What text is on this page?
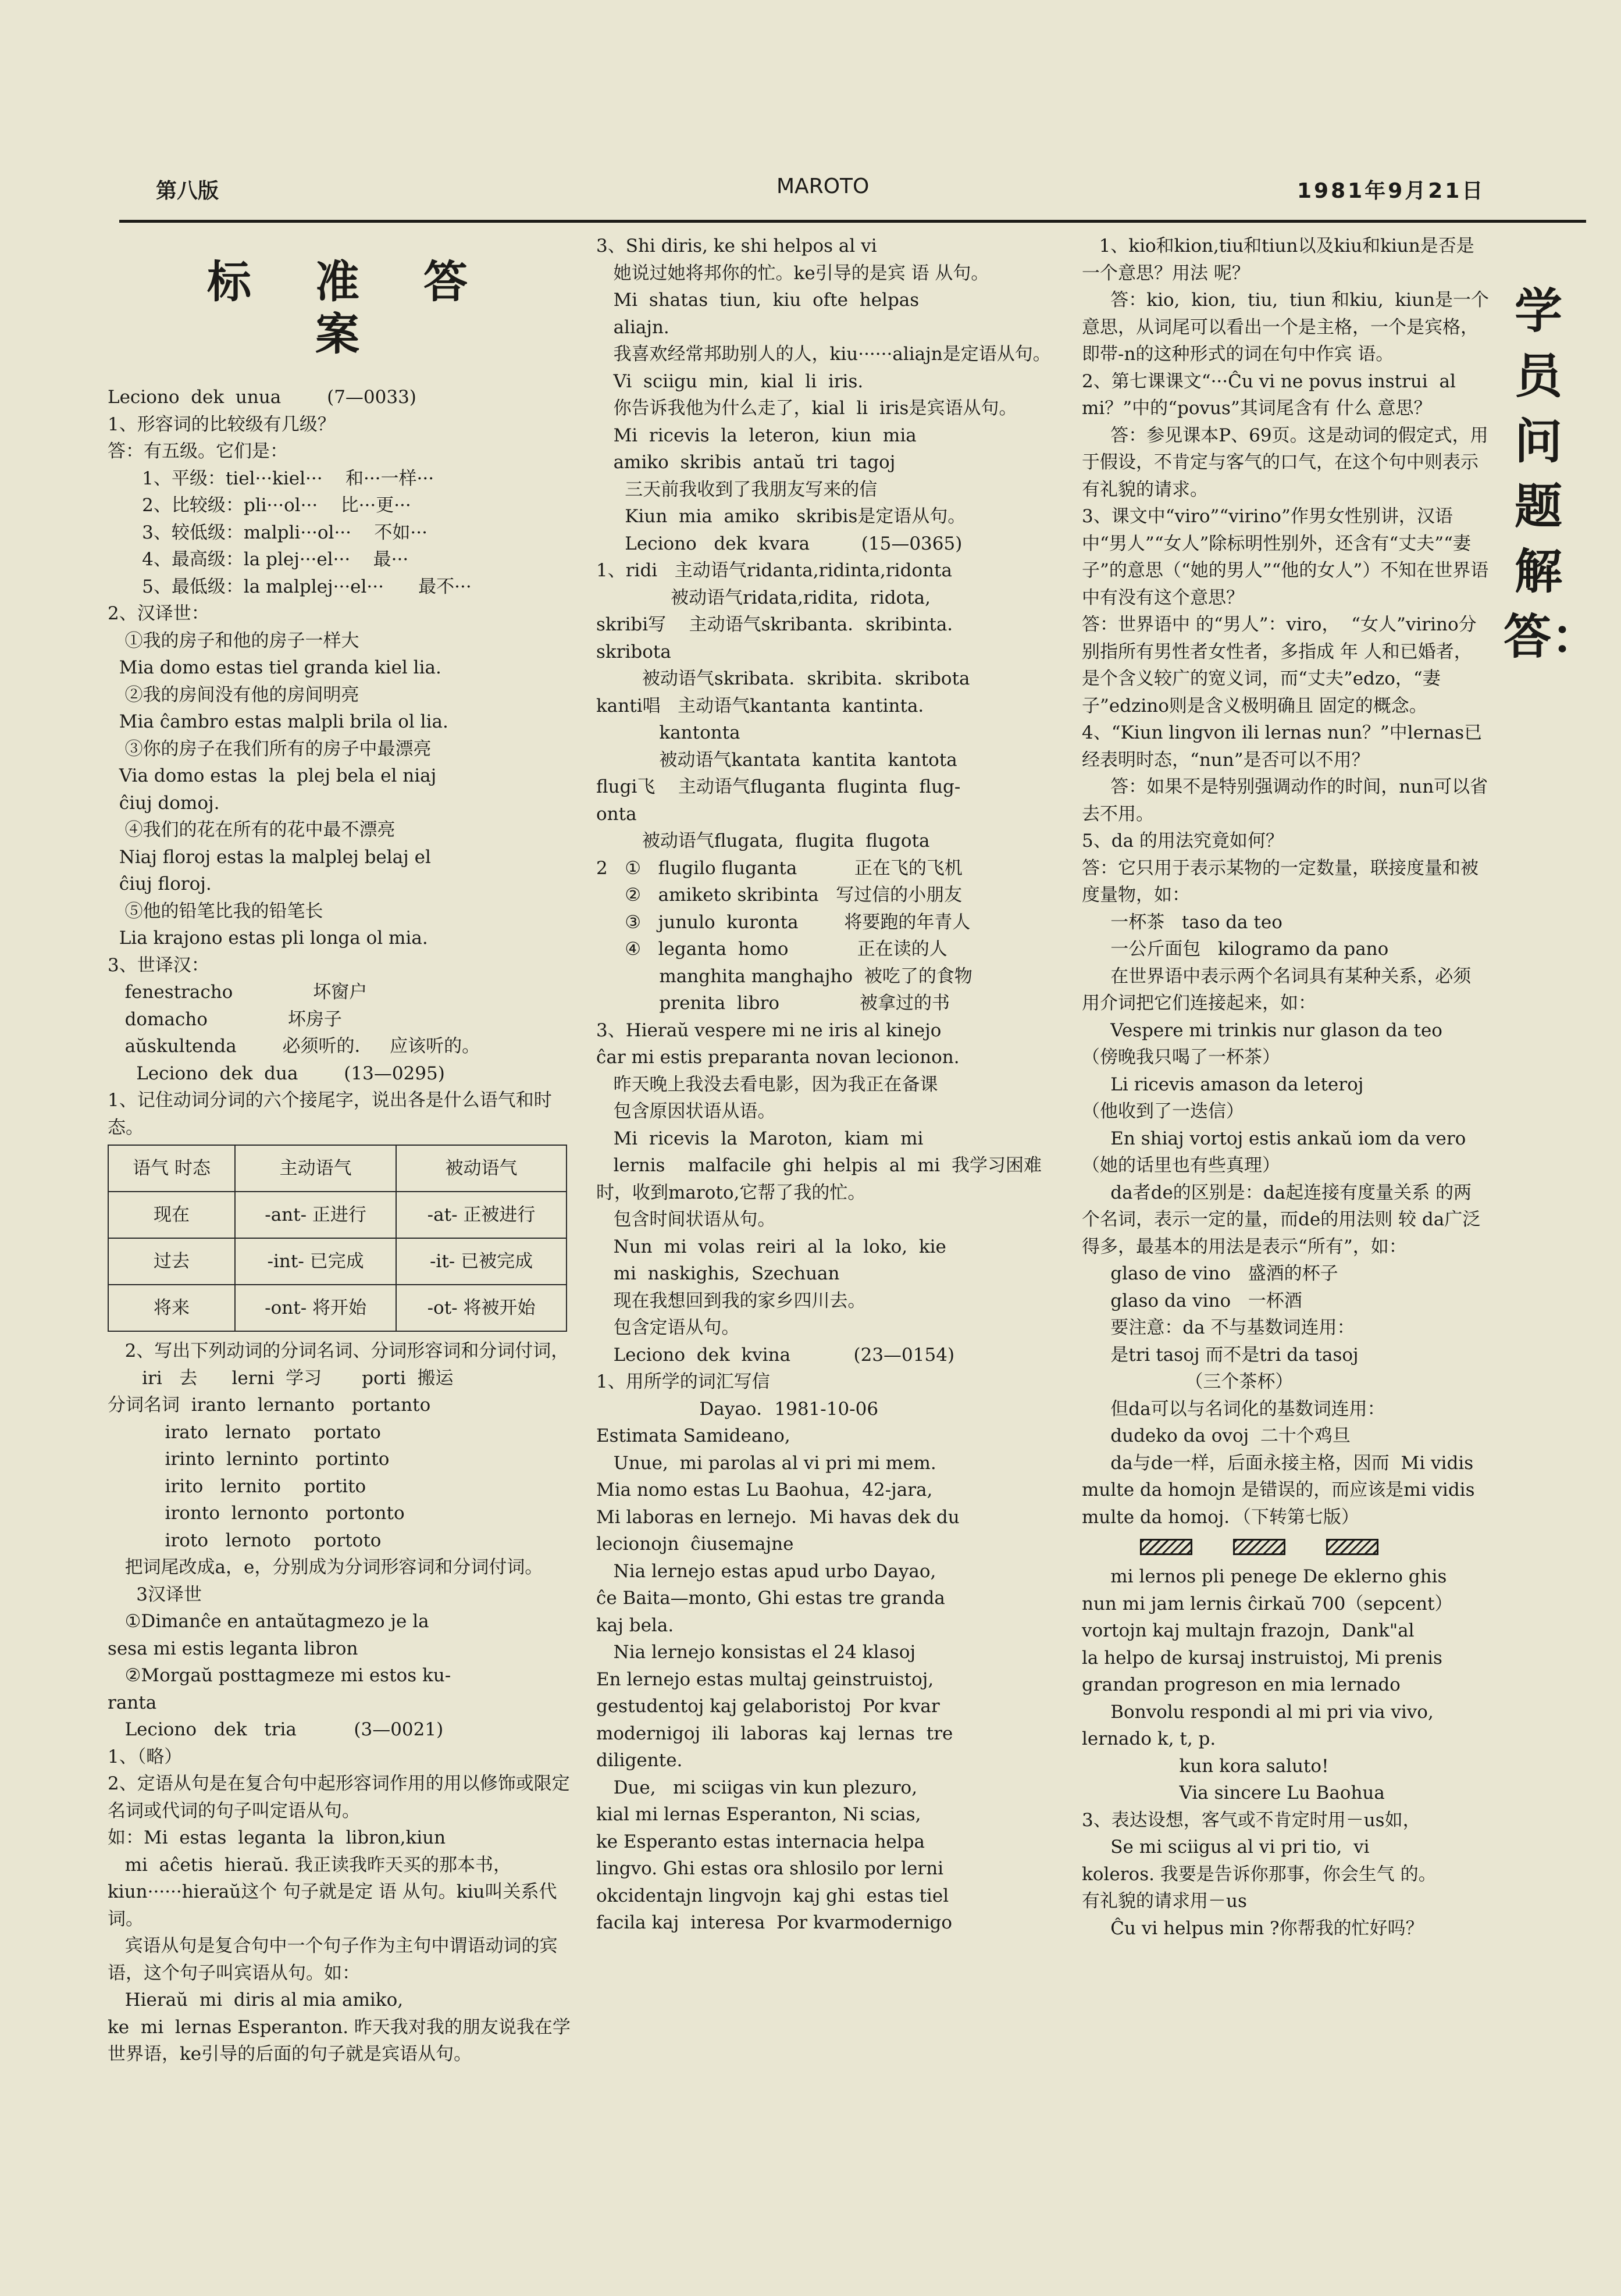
第八版	MAROTO	1981年9月21日

标准答案

Leciono  dek  unua        (7—0033)

1、形容词的比较级有几级？

答：有五级。它们是：

1、平级：tiel···kiel···    和···一样···

2、比较级：pli···ol···    比···更···

3、较低级：malpli···ol···    不如···

4、最高级：la plej···el···    最···

5、最低级：la malplej···el···      最不···

2、汉译世：

①我的房子和他的房子一样大

Mia domo estas tiel granda kiel lia.

②我的房间没有他的房间明亮

Mia ĉambro estas malpli brila ol lia.

③你的房子在我们所有的房子中最漂亮

Via domo estas  la  plej bela el niaj

ĉiuj domoj.

④我们的花在所有的花中最不漂亮

Niaj floroj estas la malplej belaj el

ĉiuj floroj.

⑤他的铅笔比我的铅笔长

Lia krajono estas pli longa ol mia.

3、世译汉：

fenestracho              坏窗户

domacho              坏房子

aŭskultenda        必须听的．   应该听的。

Leciono  dek  dua        (13—0295)

1、记住动词分词的六个接尾字，说出各是什么语气和时态。

语气 时态	主动语气	被动语气
现在	-ant- 正进行	-at- 正被进行
过去	-int- 已完成	-it- 已被完成
将来	-ont- 将开始	-ot- 将被开始

2、写出下列动词的分词名词、分词形容词和分词付词，

iri   去      lerni  学习       porti  搬运

分词名词  iranto  lernanto   portanto

irato   lernato    portato

irinto  lerninto   portinto

irito   lernito    portito

ironto  lernonto   portonto

iroto   lernoto    portoto

把词尾改成a，e，分别成为分词形容词和分词付词。

3汉译世

①Dimanĉe en antaŭtagmezo je la

sesa mi estis leganta libron

②Morgaŭ posttagmeze mi estos ku-

ranta

Leciono   dek   tria          (3—0021)

1、（略）

2、定语从句是在复合句中起形容词作用的用以修饰或限定名词或代词的句子叫定语从句。

如：Mi  estas  leganta  la  libron,kiun

mi  aĉetis  hieraŭ. 我正读我昨天买的那本书，kiun······hieraŭ这个 句子就是定 语 从句。kiu叫关系代词。

宾语从句是复合句中一个句子作为主句中谓语动词的宾语，这个句子叫宾语从句。如：

Hieraŭ  mi  diris al mia amiko,

ke  mi  lernas Esperanton. 昨天我对我的朋友说我在学世界语，ke引导的后面的句子就是宾语从句。

3、Shi diris, ke shi helpos al vi

她说过她将邦你的忙。ke引导的是宾 语 从句。

Mi  shatas  tiun,  kiu  ofte  helpas

aliajn.

我喜欢经常邦助别人的人，kiu······aliajn是定语从句。

Vi  sciigu  min,  kial  li  iris.

你告诉我他为什么走了，kial  li  iris是宾语从句。

Mi  ricevis  la  leteron,  kiun  mia

amiko  skribis  antaŭ  tri  tagoj

三天前我收到了我朋友写来的信

Kiun  mia  amiko   skribis是定语从句。

Leciono   dek  kvara         (15—0365)

1、ridi   主动语气ridanta,ridinta,ridonta

被动语气ridata,ridita,  ridota,

skribi写    主动语气skribanta．skribinta．

skribota

被动语气skribata．skribita．skribota

kanti唱   主动语气kantanta  kantinta．

kantonta

被动语气kantata  kantita  kantota

flugi飞    主动语气fluganta  fluginta  flug-

onta

被动语气flugata,  flugita  flugota

2   ①   flugilo fluganta          正在飞的飞机

②   amiketo skribinta   写过信的小朋友

③   junulo  kuronta        将要跑的年青人

④   leganta  homo            正在读的人

manghita manghajho  被吃了的食物

prenita  libro              被拿过的书

3、Hieraŭ vespere mi ne iris al kinejo

ĉar mi estis preparanta novan lecionon.

昨天晚上我没去看电影，因为我正在备课

包含原因状语从语。

Mi  ricevis  la  Maroton,  kiam  mi

lernis    malfacile  ghi  helpis  al  mi  我学习困难时，收到maroto,它帮了我的忙。

包含时间状语从句。

Nun  mi  volas  reiri  al  la  loko,  kie

mi  naskighis,  Szechuan

现在我想回到我的家乡四川去。

包含定语从句。

Leciono  dek  kvina           (23—0154)

1、用所学的词汇写信

Dayao．1981-10-06

Estimata Samideano,

Unue,  mi parolas al vi pri mi mem.

Mia nomo estas Lu Baohua，42-jara,

Mi laboras en lernejo．Mi havas dek du

lecionojn  ĉiusemajne

Nia lernejo estas apud urbo Dayao,

ĉe Baita—monto, Ghi estas tre granda

kaj bela.

Nia lernejo konsistas el 24 klasoj

En lernejo estas multaj geinstruistoj,

gestudentoj kaj gelaboristoj  Por kvar

modernigoj  ili  laboras  kaj  lernas  tre

diligente.

Due,   mi sciigas vin kun plezuro,

kial mi lernas Esperanton, Ni scias,

ke Esperanto estas internacia helpa

lingvo. Ghi estas ora shlosilo por lerni

okcidentajn lingvojn  kaj ghi  estas tiel

facila kaj  interesa  Por kvarmodernigo

1、kio和kion,tiu和tiun以及kiu和kiun是否是一个意思？用法 呢？

答：kio,  kion,  tiu,  tiun 和kiu,  kiun是一个意思，从词尾可以看出一个是主格，一个是宾格，即带-n的这种形式的词在句中作宾 语。

2、第七课课文“···Ĉu vi ne povus instrui  al  mi？”中的“povus”其词尾含有 什么 意思？

答：参见课本P、69页。这是动词的假定式，用于假设，不肯定与客气的口气，在这个句中则表示有礼貌的请求。

3、课文中“viro”“virino”作男女性别讲，汉语中“男人”“女人”除标明性别外，还含有“丈夫”“妻子”的意思（“她的男人”“他的女人”）不知在世界语中有没有这个意思？

答：世界语中 的“男人”：viro，  “女人”virino分别指所有男性者女性者，多指成 年 人和已婚者，是个含义较广的宽义词，而“丈夫”edzo，“妻子”edzino则是含义极明确且 固定的概念。

4、“Kiun lingvon ili lernas nun？”中lernas已经表明时态，“nun”是否可以不用？

答：如果不是特别强调动作的时间，nun可以省去不用。

5、da 的用法究竟如何？

答：它只用于表示某物的一定数量，联接度量和被度量物，如：

一杯茶   taso da teo

一公斤面包   kilogramo da pano

在世界语中表示两个名词具有某种关系，必须用介词把它们连接起来，如：

Vespere mi trinkis nur glason da teo

（傍晚我只喝了一杯茶）

Li ricevis amason da leteroj

（他收到了一迭信）

En shiaj vortoj estis ankaŭ iom da vero（她的话里也有些真理）

da者de的区别是：da起连接有度量关系 的两个名词，表示一定的量，而de的用法则 较 da广泛得多，最基本的用法是表示“所有”，如：

glaso de vino   盛酒的杯子

glaso da vino   一杯酒

要注意：da 不与基数词连用：

是tri tasoj 而不是tri da tasoj

（三个茶杯）

但da可以与名词化的基数词连用：

dudeko da ovoj  二十个鸡旦

da与de一样，后面永接主格，因而  Mi vidis multe da homojn 是错误的，而应该是mi vidis multe da homoj．（下转第七版）

mi lernos pli penege De eklerno ghis

nun mi jam lernis ĉirkaŭ 700（sepcent）

vortojn kaj multajn frazojn,  Dank"al

la helpo de kursaj instruistoj, Mi prenis

grandan progreson en mia lernado

Bonvolu respondi al mi pri via vivo,

lernado k, t, p.

kun kora saluto!

Via sincere Lu Baohua

3、表达设想，客气或不肯定时用－us如，

Se mi sciigus al vi pri tio,  vi

koleros. 我要是告诉你那事，你会生气 的。

有礼貌的请求用－us

Ĉu vi helpus min ?你帮我的忙好吗？

学员问题解答：
